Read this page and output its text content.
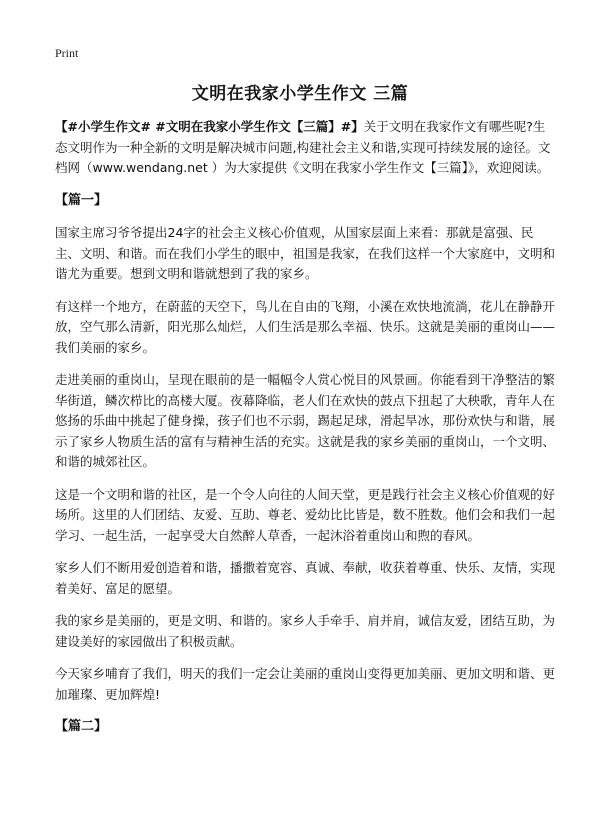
Print
文明在我家小学生作文 三篇

【#小学生作文# #文明在我家小学生作文【三篇】#】关于文明在我家作文有哪些呢?生态文明作为一种全新的文明是解决城市问题,构建社会主义和谐,实现可持续发展的途径。文档网（www.wendang.net ）为大家提供《文明在我家小学生作文【三篇】》，欢迎阅读。

【篇一】

国家主席习爷爷提出24字的社会主义核心价值观，从国家层面上来看：那就是富强、民主、文明、和谐。而在我们小学生的眼中，祖国是我家，在我们这样一个大家庭中，文明和谐尤为重要。想到文明和谐就想到了我的家乡。

有这样一个地方，在蔚蓝的天空下，鸟儿在自由的飞翔，小溪在欢快地流淌，花儿在静静开放，空气那么清新，阳光那么灿烂，人们生活是那么幸福、快乐。这就是美丽的重岗山——我们美丽的家乡。

走进美丽的重岗山，呈现在眼前的是一幅幅令人赏心悦目的风景画。你能看到干净整洁的繁华街道，鳞次栉比的高楼大厦。夜幕降临，老人们在欢快的鼓点下扭起了大秧歌，青年人在悠扬的乐曲中挑起了健身操，孩子们也不示弱，踢起足球，滑起旱冰，那份欢快与和谐，展示了家乡人物质生活的富有与精神生活的充实。这就是我的家乡美丽的重岗山，一个文明、和谐的城郊社区。

这是一个文明和谐的社区，是一个令人向往的人间天堂，更是践行社会主义核心价值观的好场所。这里的人们团结、友爱、互助、尊老、爱幼比比皆是，数不胜数。他们会和我们一起学习、一起生活，一起享受大自然醉人草香，一起沐浴着重岗山和煦的春风。

家乡人们不断用爱创造着和谐，播撒着宽容、真诚、奉献，收获着尊重、快乐、友情，实现着美好、富足的愿望。

我的家乡是美丽的，更是文明、和谐的。家乡人手牵手、肩并肩，诚信友爱，团结互助，为建设美好的家园做出了积极贡献。

今天家乡哺育了我们，明天的我们一定会让美丽的重岗山变得更加美丽、更加文明和谐、更加璀璨、更加辉煌!

【篇二】
